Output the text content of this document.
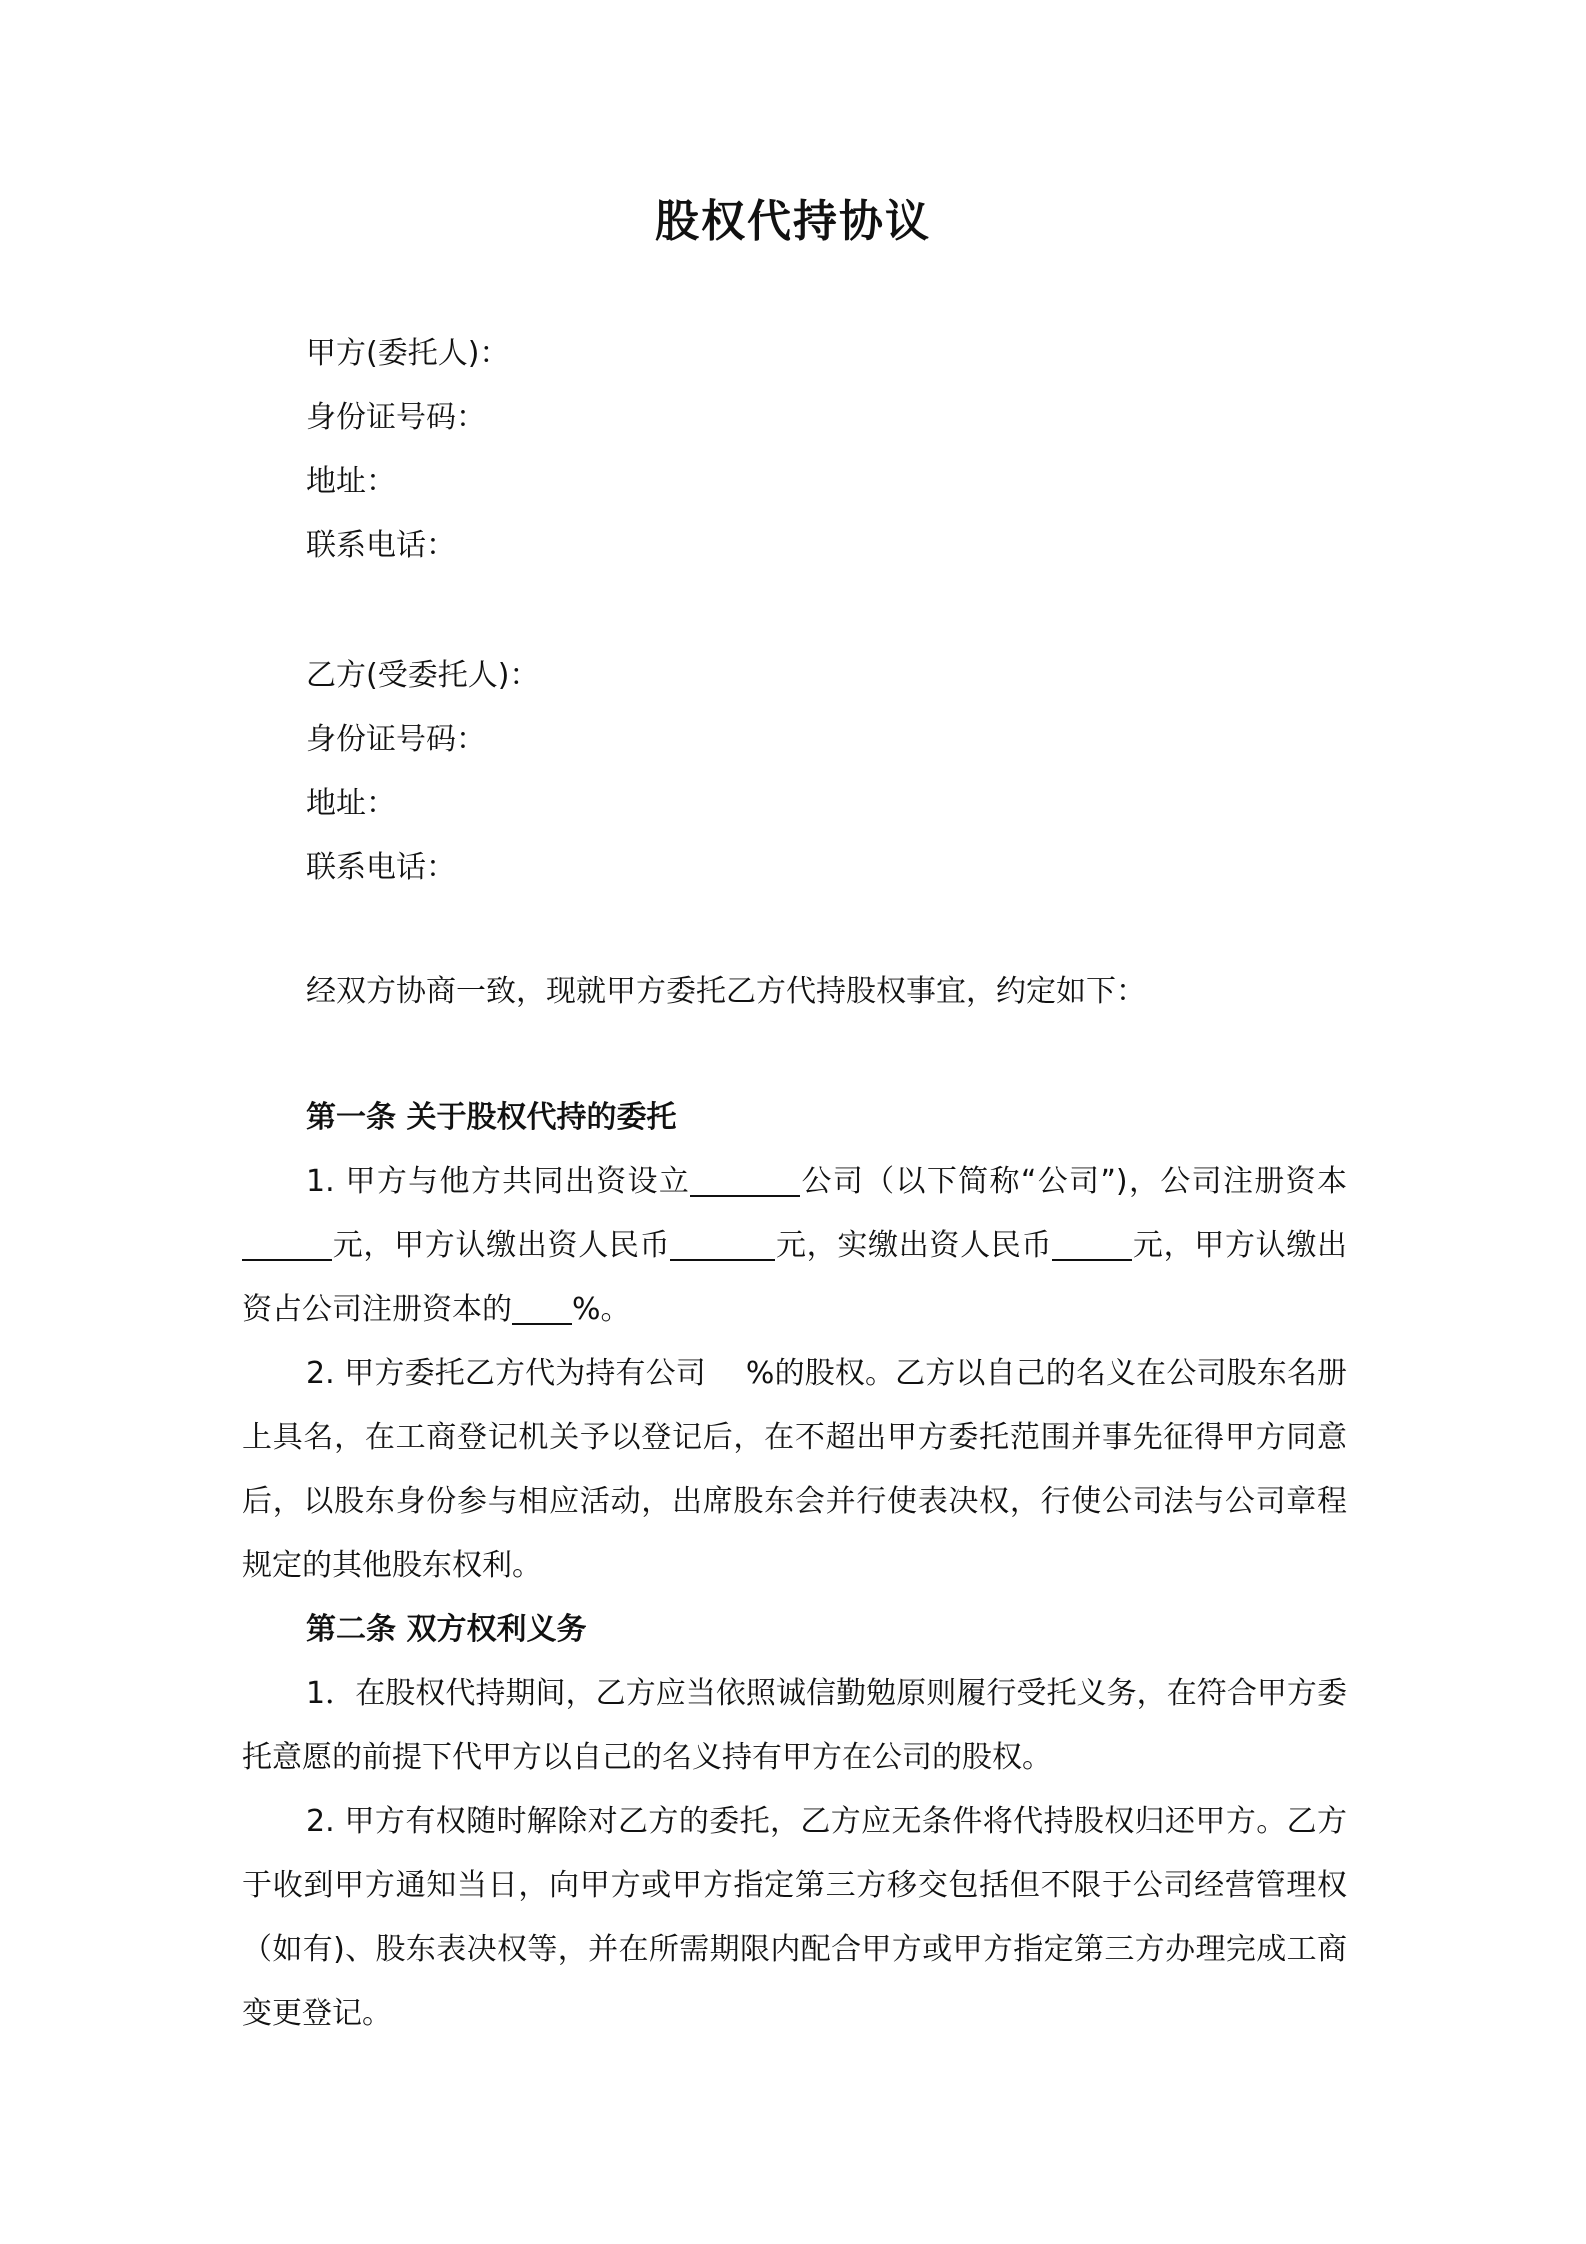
股权代持协议
甲方(委托人)：
身份证号码：
地址：
联系电话：
乙方(受委托人)：
身份证号码：
地址：
联系电话：

经双方协商一致，现就甲方委托乙方代持股权事宜，约定如下：

第一条 关于股权代持的委托

1. 甲方与他方共同出资设立	公司（以下简称“公司”)，公司注册资本元，甲方认缴出资人民币	元，实缴出资人民币	元，甲方认缴出资占公司注册资本的 %。

2. 甲方委托乙方代为持有公司 %的股权。乙方以自己的名义在公司股东名册上具名，在工商登记机关予以登记后，在不超出甲方委托范围并事先征得甲方同意后，以股东身份参与相应活动，出席股东会并行使表决权，行使公司法与公司章程规定的其他股东权利。

第二条 双方权利义务

1．在股权代持期间，乙方应当依照诚信勤勉原则履行受托义务，在符合甲方委托意愿的前提下代甲方以自己的名义持有甲方在公司的股权。

2. 甲方有权随时解除对乙方的委托，乙方应无条件将代持股权归还甲方。乙方于收到甲方通知当日，向甲方或甲方指定第三方移交包括但不限于公司经营管理权（如有)、股东表决权等，并在所需期限内配合甲方或甲方指定第三方办理完成工商变更登记。
